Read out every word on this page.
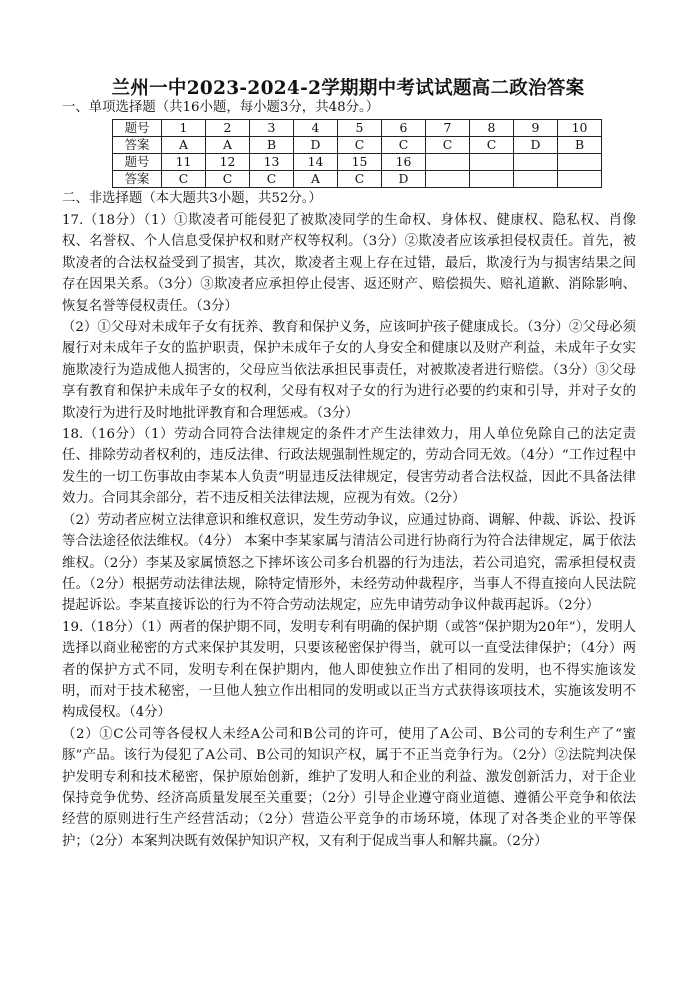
兰州一中2023-2024-2学期期中考试试题高二政治答案
一、单项选择题（共16小题，每小题3分，共48分。）
题号	1	2	3	4	5	6	7	8	9	10
答案	A	A	B	D	C	C	C	C	D	B
题号	11	12	13	14	15	16				
答案	C	C	C	A	C	D				
二、非选择题（本大题共3小题，共52分。）

17.（18分）（1）①欺凌者可能侵犯了被欺凌同学的生命权、身体权、健康权、隐私权、肖像权、名誉权、个人信息受保护权和财产权等权利。（3分）②欺凌者应该承担侵权责任。首先，被欺凌者的合法权益受到了损害，其次，欺凌者主观上存在过错，最后，欺凌行为与损害结果之间存在因果关系。（3分）③欺凌者应承担停止侵害、返还财产、赔偿损失、赔礼道歉、消除影响、恢复名誉等侵权责任。（3分）

（2）①父母对未成年子女有抚养、教育和保护义务，应该呵护孩子健康成长。（3分）②父母必须履行对未成年子女的监护职责，保护未成年子女的人身安全和健康以及财产利益，未成年子女实施欺凌行为造成他人损害的，父母应当依法承担民事责任，对被欺凌者进行赔偿。（3分）③父母享有教育和保护未成年子女的权利，父母有权对子女的行为进行必要的约束和引导，并对子女的欺凌行为进行及时地批评教育和合理惩戒。（3分）

18.（16分）（1）劳动合同符合法律规定的条件才产生法律效力，用人单位免除自己的法定责任、排除劳动者权利的，违反法律、行政法规强制性规定的，劳动合同无效。（4分）“工作过程中发生的一切工伤事故由李某本人负责”明显违反法律规定，侵害劳动者合法权益，因此不具备法律效力。合同其余部分，若不违反相关法律法规，应视为有效。（2分）

（2）劳动者应树立法律意识和维权意识，发生劳动争议，应通过协商、调解、仲裁、诉讼、投诉等合法途径依法维权。（4分） 本案中李某家属与清洁公司进行协商行为符合法律规定，属于依法维权。（2分）李某及家属愤怒之下摔坏该公司多台机器的行为违法，若公司追究，需承担侵权责任。（2分）根据劳动法律法规，除特定情形外，未经劳动仲裁程序，当事人不得直接向人民法院提起诉讼。李某直接诉讼的行为不符合劳动法规定，应先申请劳动争议仲裁再起诉。（2分）

19.（18分）（1）两者的保护期不同，发明专利有明确的保护期（或答“保护期为20年”），发明人选择以商业秘密的方式来保护其发明，只要该秘密保护得当，就可以一直受法律保护；（4分）两者的保护方式不同，发明专利在保护期内，他人即使独立作出了相同的发明，也不得实施该发明，而对于技术秘密，一旦他人独立作出相同的发明或以正当方式获得该项技术，实施该发明不构成侵权。（4分）

（2）①C公司等各侵权人未经A公司和B公司的许可，使用了A公司、B公司的专利生产了“蜜豚”产品。该行为侵犯了A公司、B公司的知识产权，属于不正当竞争行为。（2分）②法院判决保护发明专利和技术秘密，保护原始创新，维护了发明人和企业的利益、激发创新活力，对于企业保持竞争优势、经济高质量发展至关重要；（2分）引导企业遵守商业道德、遵循公平竞争和依法经营的原则进行生产经营活动；（2分）营造公平竞争的市场环境，体现了对各类企业的平等保护；（2分）本案判决既有效保护知识产权，又有利于促成当事人和解共赢。（2分）
